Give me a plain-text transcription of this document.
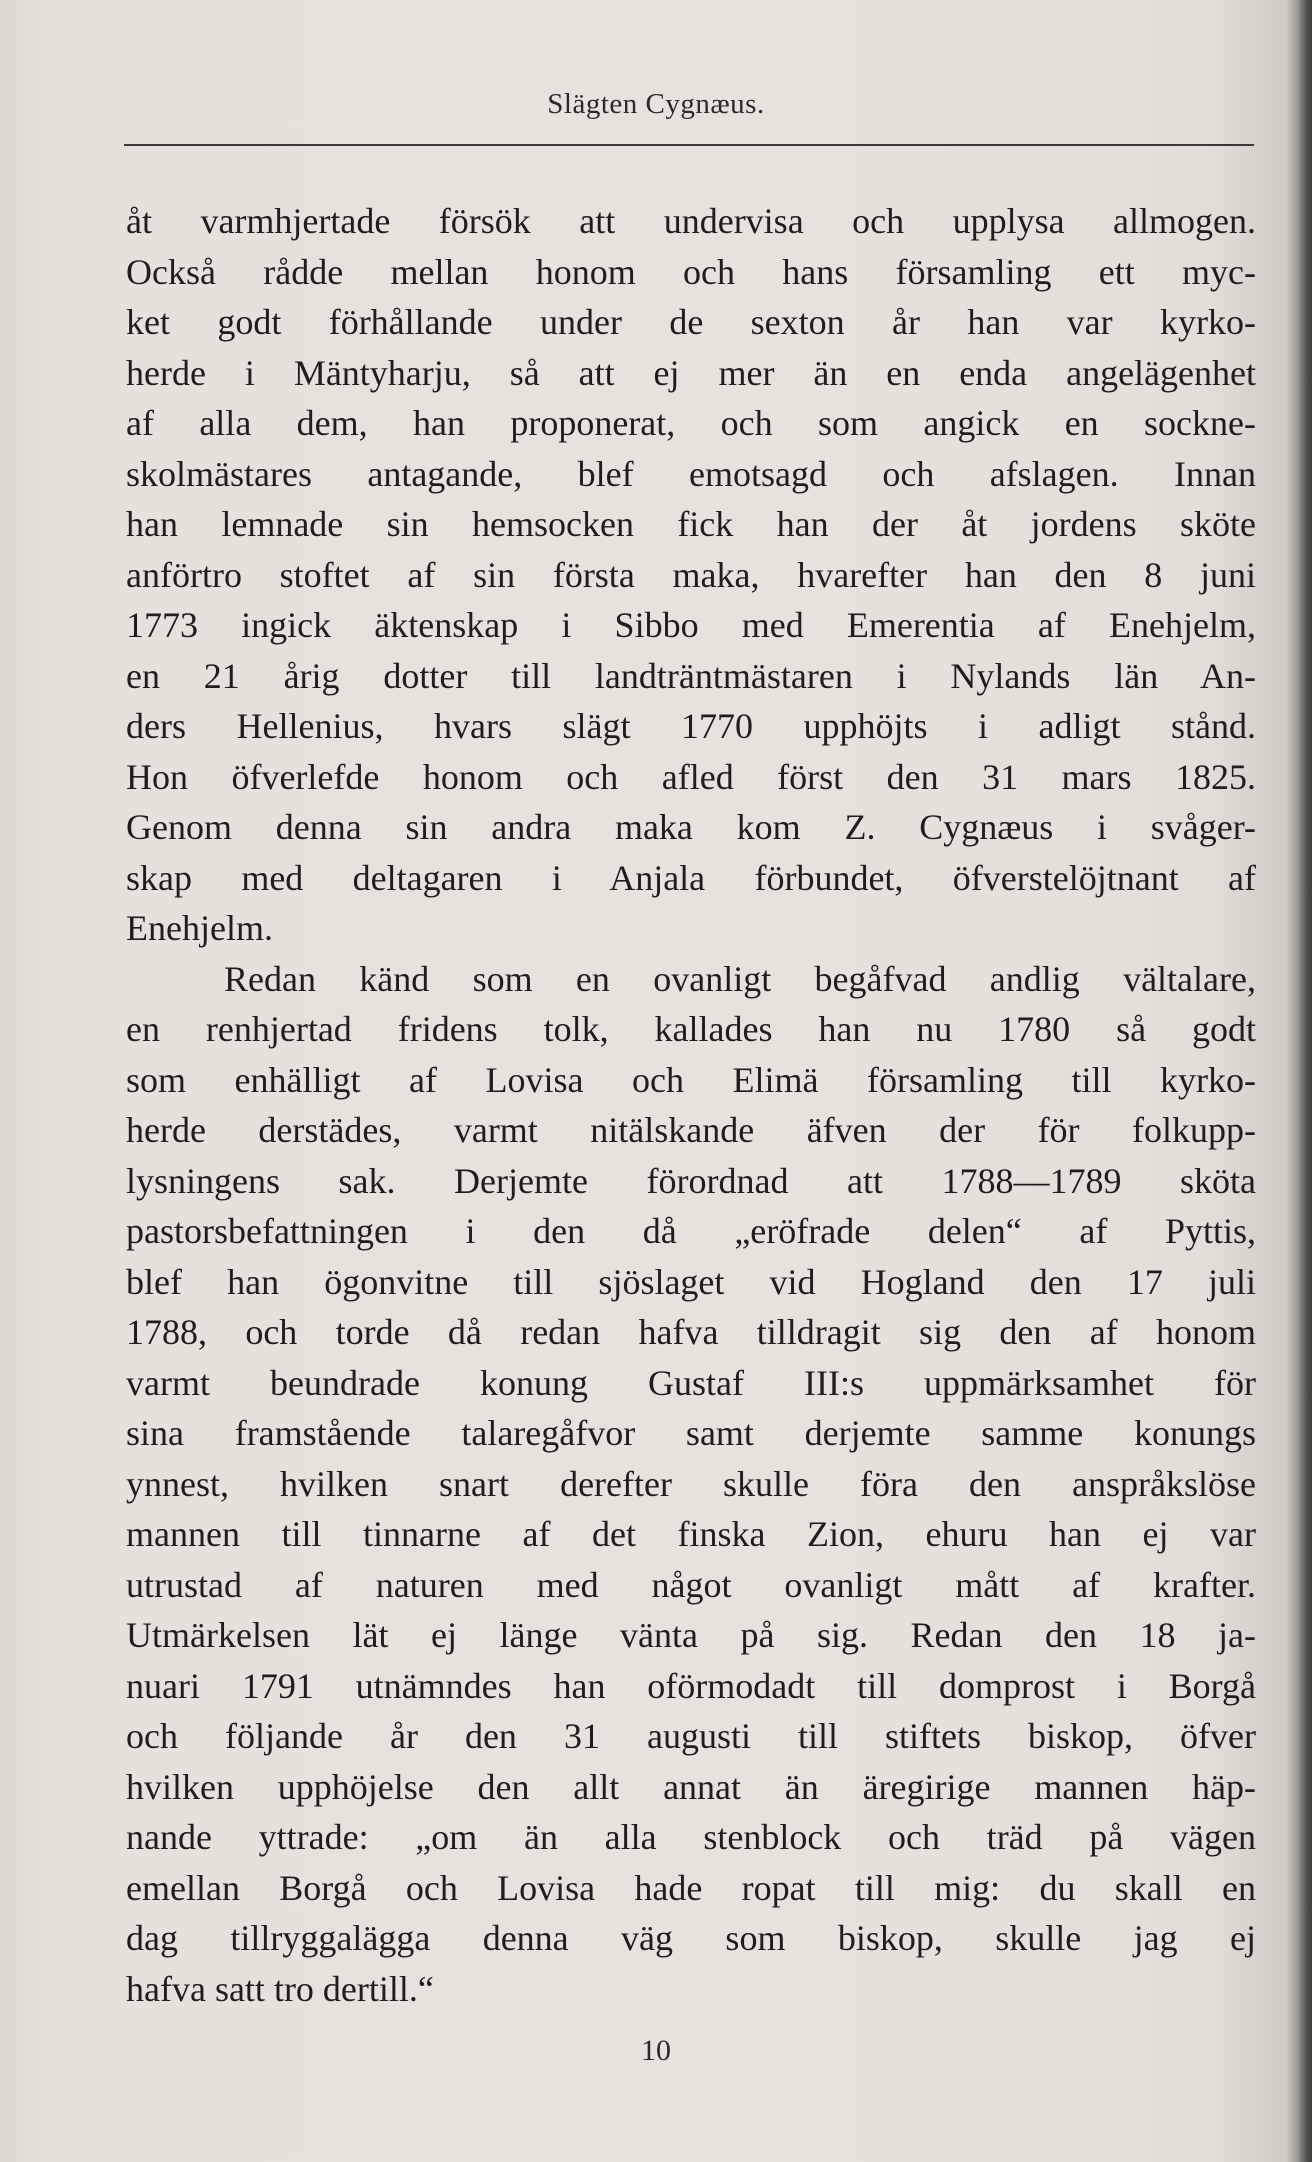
Slägten Cygnæus.
åt varmhjertade försök att undervisa och upplysa allmogen.
Också rådde mellan honom och hans församling ett myc-
ket godt förhållande under de sexton år han var kyrko-
herde i Mäntyharju, så att ej mer än en enda angelägenhet
af alla dem, han proponerat, och som angick en sockne-
skolmästares antagande, blef emotsagd och afslagen. Innan
han lemnade sin hemsocken fick han der åt jordens sköte
anförtro stoftet af sin första maka, hvarefter han den 8 juni
1773 ingick äktenskap i Sibbo med Emerentia af Enehjelm,
en 21 årig dotter till landträntmästaren i Nylands län An-
ders Hellenius, hvars slägt 1770 upphöjts i adligt stånd.
Hon öfverlefde honom och afled först den 31 mars 1825.
Genom denna sin andra maka kom Z. Cygnæus i svåger-
skap med deltagaren i Anjala förbundet, öfverstelöjtnant af
Enehjelm.
Redan känd som en ovanligt begåfvad andlig vältalare,
en renhjertad fridens tolk, kallades han nu 1780 så godt
som enhälligt af Lovisa och Elimä församling till kyrko-
herde derstädes, varmt nitälskande äfven der för folkupp-
lysningens sak. Derjemte förordnad att 1788—1789 sköta
pastorsbefattningen i den då „eröfrade delen“ af Pyttis,
blef han ögonvitne till sjöslaget vid Hogland den 17 juli
1788, och torde då redan hafva tilldragit sig den af honom
varmt beundrade konung Gustaf III:s uppmärksamhet för
sina framstående talaregåfvor samt derjemte samme konungs
ynnest, hvilken snart derefter skulle föra den anspråkslöse
mannen till tinnarne af det finska Zion, ehuru han ej var
utrustad af naturen med något ovanligt mått af krafter.
Utmärkelsen lät ej länge vänta på sig. Redan den 18 ja-
nuari 1791 utnämndes han oförmodadt till domprost i Borgå
och följande år den 31 augusti till stiftets biskop, öfver
hvilken upphöjelse den allt annat än äregirige mannen häp-
nande yttrade: „om än alla stenblock och träd på vägen
emellan Borgå och Lovisa hade ropat till mig: du skall en
dag tillryggalägga denna väg som biskop, skulle jag ej
hafva satt tro dertill.“
10
